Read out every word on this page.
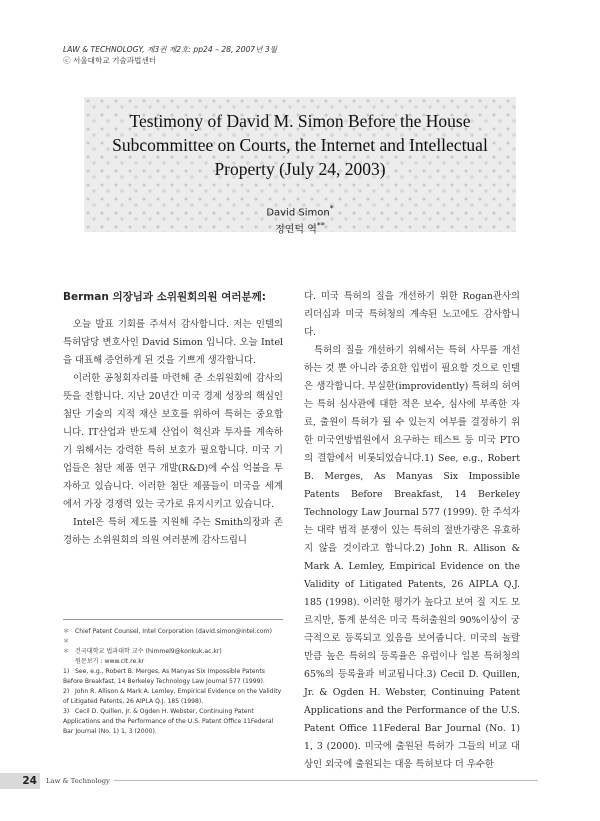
LAW & TECHNOLOGY, 제3권 제2호: pp24 – 28, 2007년 3월
ⓒ 서울대학교 기술과법센터
Testimony of David M. Simon Before the House
Subcommittee on Courts, the Internet and Intellectual
Property (July 24, 2003)
David Simon*
정연덕 역**

Berman 의장님과 소위원회의원 여러분께:

오늘 발표 기회를 주셔서 감사합니다. 저는 인텔의 특허담당 변호사인 David Simon 입니다. 오늘 Intel을 대표해 증언하게 된 것을 기쁘게 생각합니다.

이러한 공청회자리를 마련해 준 소위원회에 감사의 뜻을 전합니다. 지난 20년간 미국 경제 성장의 핵심인 첨단 기술의 지적 재산 보호를 위하여 특허는 중요합니다. IT산업과 반도체 산업이 혁신과 투자를 계속하기 위해서는 강력한 특허 보호가 필요합니다. 미국 기업들은 첨단 제품 연구 개발(R&D)에 수십 억불을 투자하고 있습니다. 이러한 첨단 제품들이 미국을 세계에서 가장 경쟁력 있는 국가로 유지시키고 있습니다.

Intel은 특허 제도를 지원해 주는 Smith의장과 존경하는 소위원회의 의원 여러분께 감사드립니

다. 미국 특허의 질을 개선하기 위한 Rogan관사의 리더십과 미국 특허청의 계속된 노고에도 감사합니다.

특허의 질을 개선하기 위해서는 특허 사무를 개선하는 것 뿐 아니라 중요한 입법이 필요할 것으로 인텔은 생각합니다. 부실한(improvidently) 특허의 허여는 특허 심사관에 대한 적은 보수, 심사에 부족한 자료, 출원이 특허가 될 수 있는지 여부를 결정하기 위한 미국연방법원에서 요구하는 테스트 등 미국 PTO의 결함에서 비롯되었습니다.1) See, e.g., Robert B. Merges, As Manyas Six Impossible Patents Before Breakfast, 14 Berkeley Technology Law Journal 577 (1999). 한 주석자는 대략 법적 분쟁이 있는 특허의 절반가량은 유효하지 않을 것이라고 합니다.2) John R. Allison & Mark A. Lemley, Empirical Evidence on the Validity of Litigated Patents, 26 AIPLA Q.J. 185 (1998). 이러한 평가가 높다고 보여 질 지도 모르지만, 통계 분석은 미국 특허출원의 90%이상이 궁극적으로 등록되고 있음을 보여줍니다. 미국의 놀랄만큼 높은 특허의 등록율은 유럽이나 일본 특허청의 65%의 등록율과 비교됩니다.3) Cecil D. Quillen, Jr. & Ogden H. Webster, Continuing Patent Applications and the Performance of the U.S. Patent Office 11Federal Bar Journal (No. 1) 1, 3 (2000). 미국에 출원된 특허가 그들의 비교 대상인 외국에 출원되는 대응 특허보다 더 우수한

＊ Chief Patent Counsel, Intel Corporation (david.simon@intel.com)

＊＊ 건국대학교 법과대학 교수 (himmel9@konkuk.ac.kr)

원문보기 : www.clt.re.kr

1) See, e.g., Robert B. Merges, As Manyas Six Impossible Patents Before Breakfast, 14 Berkeley Technology Law Journal 577 (1999).

2) John R. Allison & Mark A. Lemley, Empirical Evidence on the Validity of Litigated Patents, 26 AIPLA Q.J. 185 (1998).

3) Cecil D. Quillen, Jr. & Ogden H. Webster, Continuing Patent Applications and the Performance of the U.S. Patent Office 11Federal Bar Journal (No. 1) 1, 3 (2000).

24	Law & Technology
